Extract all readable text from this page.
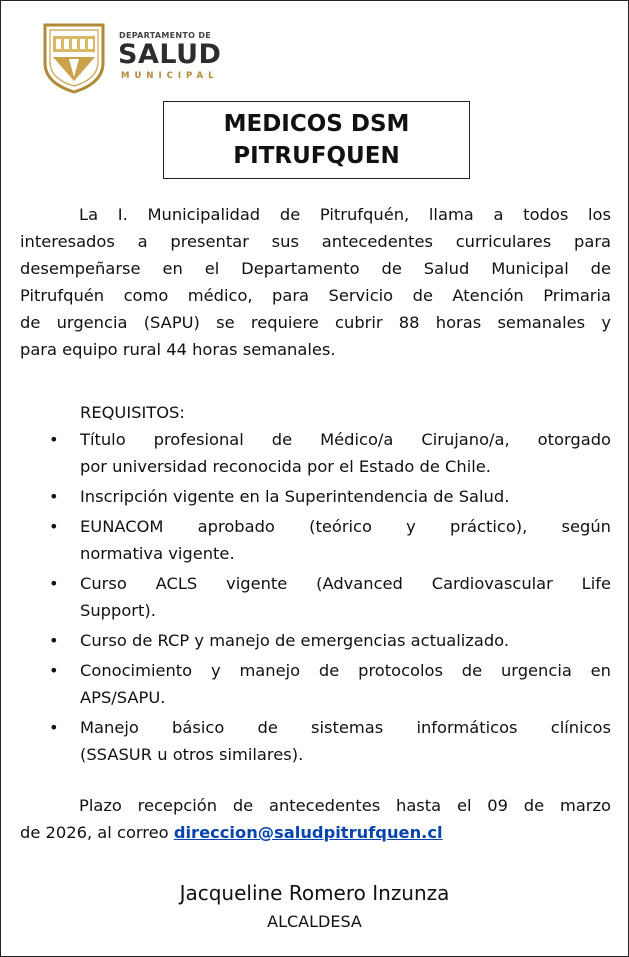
DEPARTAMENTO DE
SALUD
MUNICIPAL
MEDICOS DSM
PITRUFQUEN
La I. Municipalidad de Pitrufquén, llama a todos los
interesados a presentar sus antecedentes curriculares para
desempeñarse en el Departamento de Salud Municipal de
Pitrufquén como médico, para Servicio de Atención Primaria
de urgencia (SAPU) se requiere cubrir 88 horas semanales y
para equipo rural 44 horas semanales.
REQUISITOS:
• Título profesional de Médico/a Cirujano/a, otorgado
por universidad reconocida por el Estado de Chile.
• Inscripción vigente en la Superintendencia de Salud.
• EUNACOM aprobado (teórico y práctico), según
normativa vigente.
• Curso ACLS vigente (Advanced Cardiovascular Life
Support).
• Curso de RCP y manejo de emergencias actualizado.
• Conocimiento y manejo de protocolos de urgencia en
APS/SAPU.
• Manejo básico de sistemas informáticos clínicos
(SSASUR u otros similares).
Plazo recepción de antecedentes hasta el 09 de marzo
de 2026, al correo direccion@saludpitrufquen.cl
Jacqueline Romero Inzunza
ALCALDESA
